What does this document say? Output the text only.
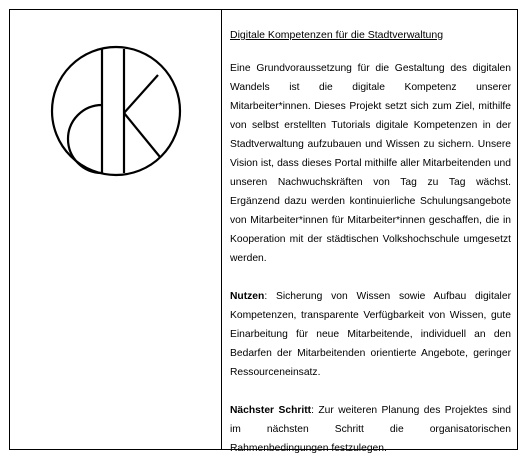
Digitale Kompetenzen für die Stadtverwaltung

Eine Grundvoraussetzung für die Gestaltung des digitalen Wandels ist die digitale Kompetenz unserer Mitarbeiter*innen. Dieses Projekt setzt sich zum Ziel, mithilfe von selbst erstellten Tutorials digitale Kompetenzen in der Stadtverwaltung aufzubauen und Wissen zu sichern. Unsere Vision ist, dass dieses Portal mithilfe aller Mitarbeitenden und unseren Nachwuchskräften von Tag zu Tag wächst. Ergänzend dazu werden kontinuierliche Schulungsangebote von Mitarbeiter*innen für Mitarbeiter*innen geschaffen, die in Kooperation mit der städtischen Volkshochschule umgesetzt werden.

Nutzen: Sicherung von Wissen sowie Aufbau digitaler Kompetenzen, transparente Verfügbarkeit von Wissen, gute Einarbeitung für neue Mitarbeitende, individuell an den Bedarfen der Mitarbeitenden orientierte Angebote, geringer Ressourceneinsatz.

Nächster Schritt: Zur weiteren Planung des Projektes sind im nächsten Schritt die organisatorischen Rahmenbedingungen festzulegen.
